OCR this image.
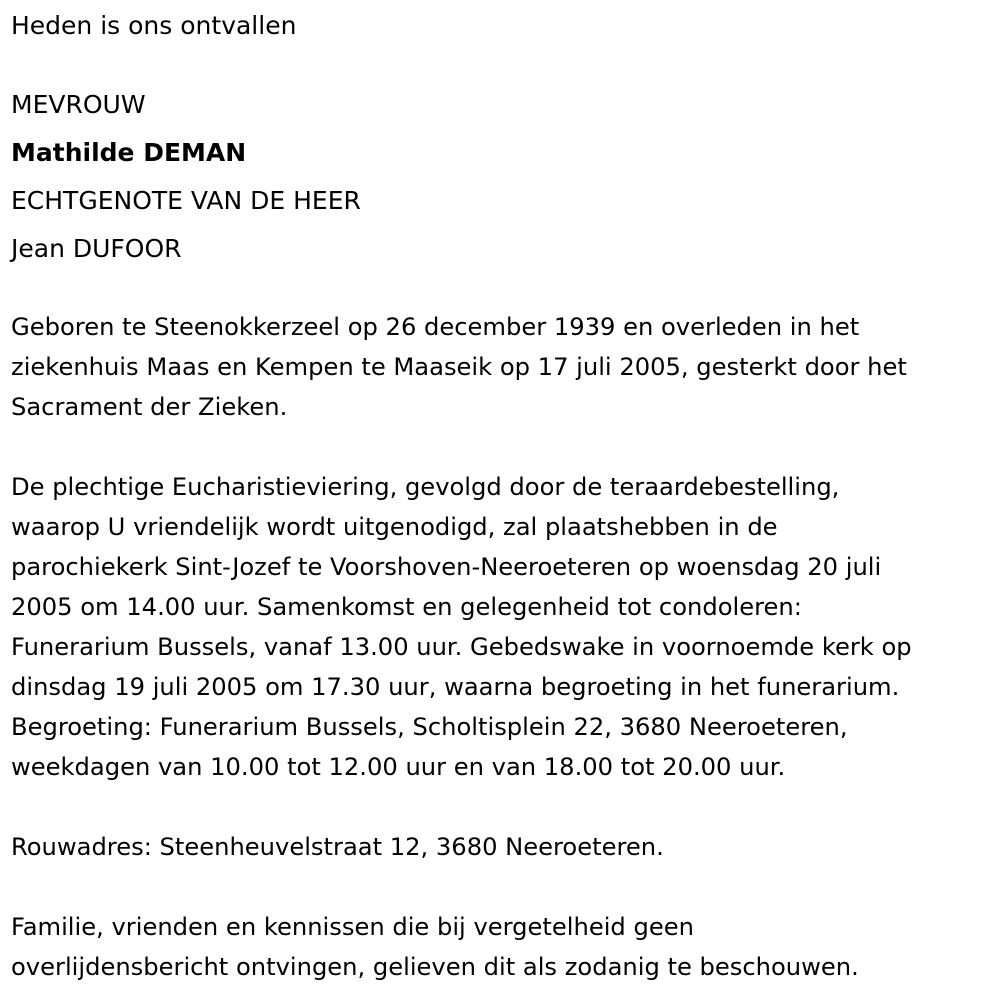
Heden is ons ontvallen
MEVROUW
Mathilde DEMAN
ECHTGENOTE VAN DE HEER
Jean DUFOOR

Geboren te Steenokkerzeel op 26 december 1939 en overleden in het
ziekenhuis Maas en Kempen te Maaseik op 17 juli 2005, gesterkt door het
Sacrament der Zieken.

De plechtige Eucharistieviering, gevolgd door de teraardebestelling,
waarop U vriendelijk wordt uitgenodigd, zal plaatshebben in de
parochiekerk Sint-Jozef te Voorshoven-Neeroeteren op woensdag 20 juli
2005 om 14.00 uur. Samenkomst en gelegenheid tot condoleren:
Funerarium Bussels, vanaf 13.00 uur. Gebedswake in voornoemde kerk op
dinsdag 19 juli 2005 om 17.30 uur, waarna begroeting in het funerarium.
Begroeting: Funerarium Bussels, Scholtisplein 22, 3680 Neeroeteren,
weekdagen van 10.00 tot 12.00 uur en van 18.00 tot 20.00 uur.

Rouwadres: Steenheuvelstraat 12, 3680 Neeroeteren.

Familie, vrienden en kennissen die bij vergetelheid geen
overlijdensbericht ontvingen, gelieven dit als zodanig te beschouwen.
